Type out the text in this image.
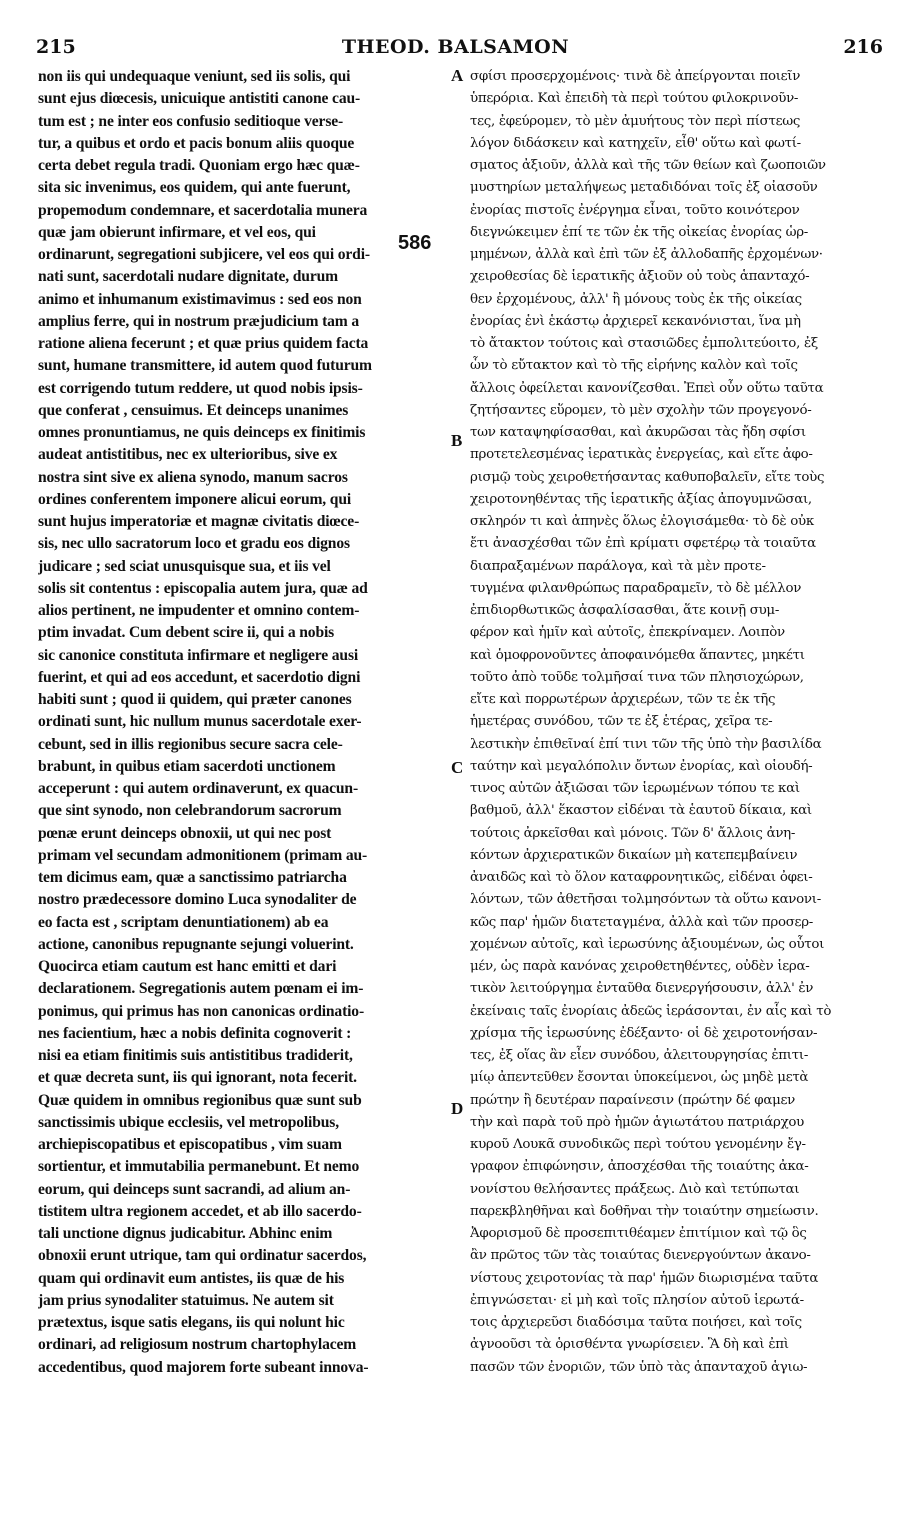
215	THEOD. BALSAMON	216
non iis qui undequaque veniunt, sed iis solis, qui
sunt ejus diœcesis, unicuique antistiti canone cau-
tum est ; ne inter eos confusio seditioque verse-
tur, a quibus et ordo et pacis bonum aliis quoque
certa debet regula tradi. Quoniam ergo hæc quæ-
sita sic invenimus, eos quidem, qui ante fuerunt,
propemodum condemnare, et sacerdotalia munera
quæ jam obierunt infirmare, et vel eos, qui
ordinarunt, segregationi subjicere, vel eos qui ordi-
nati sunt, sacerdotali nudare dignitate, durum
animo et inhumanum existimavimus : sed eos non
amplius ferre, qui in nostrum præjudicium tam a
ratione aliena fecerunt ; et quæ prius quidem facta
sunt, humane transmittere, id autem quod futurum
est corrigendo tutum reddere, ut quod nobis ipsis-
que conferat , censuimus. Et deinceps unanimes
omnes pronuntiamus, ne quis deinceps ex finitimis
audeat antistitibus, nec ex ulterioribus, sive ex
nostra sint sive ex aliena synodo, manum sacros
ordines conferentem imponere alicui eorum, qui
sunt hujus imperatoriæ et magnæ civitatis diœce-
sis, nec ullo sacratorum loco et gradu eos dignos
judicare ; sed sciat unusquisque sua, et iis vel
solis sit contentus : episcopalia autem jura, quæ ad
alios pertinent, ne impudenter et omnino contem-
ptim invadat. Cum debent scire ii, qui a nobis
sic canonice constituta infirmare et negligere ausi
fuerint, et qui ad eos accedunt, et sacerdotio digni
habiti sunt ; quod ii quidem, qui præter canones
ordinati sunt, hic nullum munus sacerdotale exer-
cebunt, sed in illis regionibus secure sacra cele-
brabunt, in quibus etiam sacerdoti unctionem
acceperunt : qui autem ordinaverunt, ex quacun-
que sint synodo, non celebrandorum sacrorum
pœnæ erunt deinceps obnoxii, ut qui nec post
primam vel secundam admonitionem (primam au-
tem dicimus eam, quæ a sanctissimo patriarcha
nostro prædecessore domino Luca synodaliter de
eo facta est , scriptam denuntiationem) ab ea
actione, canonibus repugnante sejungi voluerint.
Quocirca etiam cautum est hanc emitti et dari
declarationem. Segregationis autem pœnam ei im-
ponimus, qui primus has non canonicas ordinatio-
nes facientium, hæc a nobis definita cognoverit :
nisi ea etiam finitimis suis antistitibus tradiderit,
et quæ decreta sunt, iis qui ignorant, nota fecerit.
Quæ quidem in omnibus regionibus quæ sunt sub
sanctissimis ubique ecclesiis, vel metropolibus,
archiepiscopatibus et episcopatibus , vim suam
sortientur, et immutabilia permanebunt. Et nemo
eorum, qui deinceps sunt sacrandi, ad alium an-
tistitem ultra regionem accedet, et ab illo sacerdo-
tali unctione dignus judicabitur. Abhinc enim
obnoxii erunt utrique, tam qui ordinatur sacerdos,
quam qui ordinavit eum antistes, iis quæ de his
jam prius synodaliter statuimus. Ne autem sit
prætextus, isque satis elegans, iis qui nolunt hic
ordinari, ad religiosum nostrum chartophylacem
accedentibus, quod majorem forte subeant innova-
σφίσι προσερχομένοις· τινὰ δὲ ἀπείργονται ποιεῖν
ὑπερόρια. Καὶ ἐπειδὴ τὰ περὶ τούτου φιλοκρινοῦν-
τες, ἐφεύρομεν, τὸ μὲν ἀμυήτους τὸν περὶ πίστεως
λόγον διδάσκειν καὶ κατηχεῖν, εἶθ' οὕτω καὶ φωτί-
σματος ἀξιοῦν, ἀλλὰ καὶ τῆς τῶν θείων καὶ ζωοποιῶν
μυστηρίων μεταλήψεως μεταδιδόναι τοῖς ἐξ οἰασοῦν
ἐνορίας πιστοῖς ἐνέργημα εἶναι, τοῦτο κοινότερον
διεγνώκειμεν ἐπί τε τῶν ἐκ τῆς οἰκείας ἐνορίας ὡρ-
μημένων, ἀλλὰ καὶ ἐπὶ τῶν ἐξ ἀλλοδαπῆς ἐρχομένων·
χειροθεσίας δὲ ἱερατικῆς ἀξιοῦν οὐ τοὺς ἁπανταχό-
θεν ἐρχομένους, ἀλλ' ἢ μόνους τοὺς ἐκ τῆς οἰκείας
ἐνορίας ἑνὶ ἑκάστῳ ἀρχιερεῖ κεκανόνισται, ἵνα μὴ
τὸ ἄτακτον τούτοις καὶ στασιῶδες ἐμπολιτεύοιτο, ἐξ
ὧν τὸ εὔτακτον καὶ τὸ τῆς εἰρήνης καλὸν καὶ τοῖς
ἄλλοις ὀφείλεται κανονίζεσθαι. Ἐπεὶ οὖν οὕτω ταῦτα
ζητήσαντες εὕρομεν, τὸ μὲν σχολὴν τῶν προγεγονό-
των καταψηφίσασθαι, καὶ ἀκυρῶσαι τὰς ἤδη σφίσι
προτετελεσμένας ἱερατικὰς ἐνεργείας, καὶ εἴτε ἀφο-
ρισμῷ τοὺς χειροθετήσαντας καθυποβαλεῖν, εἴτε τοὺς
χειροτονηθέντας τῆς ἱερατικῆς ἀξίας ἀπογυμνῶσαι,
σκληρόν τι καὶ ἀπηνὲς ὅλως ἐλογισάμεθα· τὸ δὲ οὐκ
ἔτι ἀνασχέσθαι τῶν ἐπὶ κρίματι σφετέρῳ τὰ τοιαῦτα
διαπραξαμένων παράλογα, καὶ τὰ μὲν προτε-
τυγμένα φιλανθρώπως παραδραμεῖν, τὸ δὲ μέλλον
ἐπιδιορθωτικῶς ἀσφαλίσασθαι, ἅτε κοινῇ συμ-
φέρον καὶ ἡμῖν καὶ αὐτοῖς, ἐπεκρίναμεν. Λοιπὸν
καὶ ὁμοφρονοῦντες ἀποφαινόμεθα ἅπαντες, μηκέτι
τοῦτο ἀπὸ τοῦδε τολμῆσαί τινα τῶν πλησιοχώρων,
εἴτε καὶ πορρωτέρων ἀρχιερέων, τῶν τε ἐκ τῆς
ἡμετέρας συνόδου, τῶν τε ἐξ ἑτέρας, χεῖρα τε-
λεστικὴν ἐπιθεῖναί ἐπί τινι τῶν τῆς ὑπὸ τὴν βασιλίδα
ταύτην καὶ μεγαλόπολιν ὄντων ἐνορίας, καὶ οἱουδή-
τινος αὐτῶν ἀξιῶσαι τῶν ἱερωμένων τόπου τε καὶ
βαθμοῦ, ἀλλ' ἕκαστον εἰδέναι τὰ ἑαυτοῦ δίκαια, καὶ
τούτοις ἀρκεῖσθαι καὶ μόνοις. Τῶν δ' ἄλλοις ἀνη-
κόντων ἀρχιερατικῶν δικαίων μὴ κατεπεμβαίνειν
ἀναιδῶς καὶ τὸ ὅλον καταφρονητικῶς, εἰδέναι ὀφει-
λόντων, τῶν ἀθετῆσαι τολμησόντων τὰ οὕτω κανονι-
κῶς παρ' ἡμῶν διατεταγμένα, ἀλλὰ καὶ τῶν προσερ-
χομένων αὐτοῖς, καὶ ἱερωσύνης ἀξιουμένων, ὡς οὗτοι
μέν, ὡς παρὰ κανόνας χειροθετηθέντες, οὐδὲν ἱερα-
τικὸν λειτούργημα ἐνταῦθα διενεργήσουσιν, ἀλλ' ἐν
ἐκείναις ταῖς ἐνορίαις ἀδεῶς ἱεράσονται, ἐν αἷς καὶ τὸ
χρίσμα τῆς ἱερωσύνης ἐδέξαντο· οἱ δὲ χειροτονήσαν-
τες, ἐξ οἵας ἂν εἶεν συνόδου, ἀλειτουργησίας ἐπιτι-
μίῳ ἀπεντεῦθεν ἔσονται ὑποκείμενοι, ὡς μηδὲ μετὰ
πρώτην ἢ δευτέραν παραίνεσιν (πρώτην δέ φαμεν
τὴν καὶ παρὰ τοῦ πρὸ ἡμῶν ἁγιωτάτου πατριάρχου
κυροῦ Λουκᾶ συνοδικῶς περὶ τούτου γενομένην ἔγ-
γραφον ἐπιφώνησιν, ἀποσχέσθαι τῆς τοιαύτης ἀκα-
νονίστου θελήσαντες πράξεως. Διὸ καὶ τετύπωται
παρεκβληθῆναι καὶ δοθῆναι τὴν τοιαύτην σημείωσιν.
Ἀφορισμοῦ δὲ προσεπιτιθέαμεν ἐπιτίμιον καὶ τῷ ὃς
ἂν πρῶτος τῶν τὰς τοιαύτας διενεργούντων ἀκανο-
νίστους χειροτονίας τὰ παρ' ἡμῶν διωρισμένα ταῦτα
ἐπιγνώσεται· εἰ μὴ καὶ τοῖς πλησίον αὐτοῦ ἱερωτά-
τοις ἀρχιερεῦσι διαδόσιμα ταῦτα ποιήσει, καὶ τοῖς
ἀγνοοῦσι τὰ ὁρισθέντα γνωρίσειεν. Ἃ δὴ καὶ ἐπὶ
πασῶν τῶν ἐνοριῶν, τῶν ὑπὸ τὰς ἁπανταχοῦ ἁγιω-
586
A
B
C
D
